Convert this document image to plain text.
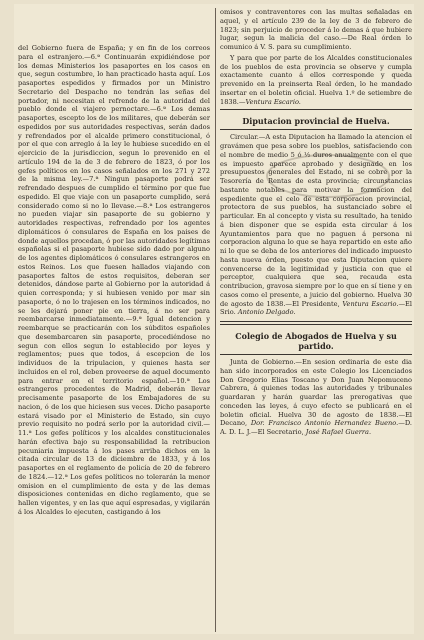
del Gobierno fuera de España; y en fin de los correos para el estranjero.—6.ª Continuarán expidiéndose por los demas Ministerios los pasaportes en los casos en que, segun costumbre, lo han practicado hasta aquí. Los pasaportes espedidos y firmados por un Ministro Secretario del Despacho no tendrán las señas del portador, ni necesitan el refrendo de la autoridad del pueblo donde el viajero pernoctare.—6.ª Los demas pasaportes, escepto los de los militares, que deberán ser espedidos por sus autoridades respectivas, serán dados y refrendados por el alcalde primero constitucional, ó por el que con arreglo á la ley le hubiese sucedido en el ejercicio de la jurisdiccion, segun lo prevenido en el artículo 194 de la de 3 de febrero de 1823, ó por los gefes políticos en los casos señalados en los 271 y 272 de la misma ley.—7.ª Ningun pasaporte podrá ser refrendado despues de cumplido el término por que fue espedido. El que viaje con un pasaporte cumplido, será considerado como si no lo llevase.—8.ª Los estrangeros no pueden viajar sin pasaporte de su gobierno y autoridades respectivas, refrendado por los agentes diplomáticos ó consulares de España en los paises de donde aquellos procedan, ó por las autoridades legítimas españolas si el pasaporte hubiese sido dado por alguno de los agentes diplomáticos ó consulares estrangeros en estos Reinos. Los que fuesen hallados viajando con pasaportes faltos de estos requisitos, deberan ser detenidos, dándose parte al Gobierno por la autoridad á quien corresponda; y si hubiesen venido por mar sin pasaporte, ó no lo trajesen en los términos indicados, no se les dejará poner pie en tierra, á no ser para reembarcarse inmediatamente.—9.ª Igual detencion y reembarque se practicarán con los súbditos españoles que desembarcaren sin pasaporte, procediéndose no segun con ellos segun lo establecido por leyes y reglamentos; pues que todos, á escepcion de los individuos de la tripulacion, y quienes hasta ser incluidos en el rol, deben proveerse de aquel documento para entrar en el territorio español.—10.ª Los estrangeros procedentes de Madrid, deberán llevar precisamente pasaporte de los Embajadores de su nacion, ó de los que hiciesen sus veces. Dicho pasaporte estará visado por el Ministerio de Estado, sin cuyo previo requisito no podrá serlo por la autoridad civil.—11.ª Los gefes políticos y los alcaldes constitucionales harán efectiva bajo su responsabilidad la retribucion pecuniaria impuesta á los pases arriba dichos en la citada circular de 13 de diciembre de 1833, y á los pasaportes en el reglamento de policía de 20 de febrero de 1824.—12.ª Los gefes políticos no tolerarán la menor omision en el cumplimiento de esta y de las demas disposiciones contenidas en dicho reglamento, que se hallen vigentes, y en las que aquí espresadas, y vigilarán á los Alcaldes lo ejecuten, castigando á los

omisos y contraventores con las multas señaladas en aquel, y el artículo 239 de la ley de 3 de febrero de 1823; sin perjuicio de proceder á lo demas á que hubiere lugar, segun la malicia del caso.—De Real órden lo comunico á V. S. para su cumplimiento.

Y para que por parte de los Alcaldes constitucionales de los pueblos de esta provincia se observe y cumpla exactamente cuanto á ellos corresponde y queda prevenido en la preinserta Real órden, lo he mandado insertar en el boletin oficial. Huelva 1.º de setiembre de 1838.—Ventura Escario.

Diputacion provincial de Huelva.

Circular.—A esta Diputacion ha llamado la atencion el gravámen que pesa sobre los pueblos, satisfaciendo con el nombre de medio 5 ó ½ duros anualmente con el que es impuesto aparece aprobado y designado en los presupuestos generales del Estado, ni se cobre por la Tesorería de Rentas de esta provincia; circunstancias bastante notables para motivar la formacion del espediente que el celo de esta corporacion provincial, protectora de sus pueblos, ha sustanciado sobre el particular. En al concepto y vista su resultado, ha tenido á bien disponer que se espida esta circular á los Ayuntamientos para que no paguen á persona ni corporacion alguna lo que se haya repartido en este año ni lo que se deba de los anteriores del indicado impuesto hasta nueva órden, puesto que esta Diputacion quiere convencerse de la legitimidad y justicia con que el perceptor, cualquiera que sea, recauda esta contribucion, gravosa siempre por lo que en sí tiene y en casos como el presente, a juicio del gobierno. Huelva 30 de agosto de 1838.—El Presidente, Ventura Escario.—El Srio. Antonio Delgado.

Colegio de Abogados de Huelva y su partido.

Junta de Gobierno.—En sesion ordinaria de este dia han sido incorporados en este Colegio los Licenciados Don Gregorio Elias Toscano y Don Juan Nepomuceno Cabrera, á quienes todas las autoridades y tribunales guardaran y harán guardar las prerogativas que conceden las leyes, á cuyo efecto se publicará en el boletin oficial. Huelva 30 de agosto de 1838.—El Decano, Dor. Francisco Antonio Hernandez Bueno.—D. A. D. L. J.—El Secretario, José Rafael Guerra.
